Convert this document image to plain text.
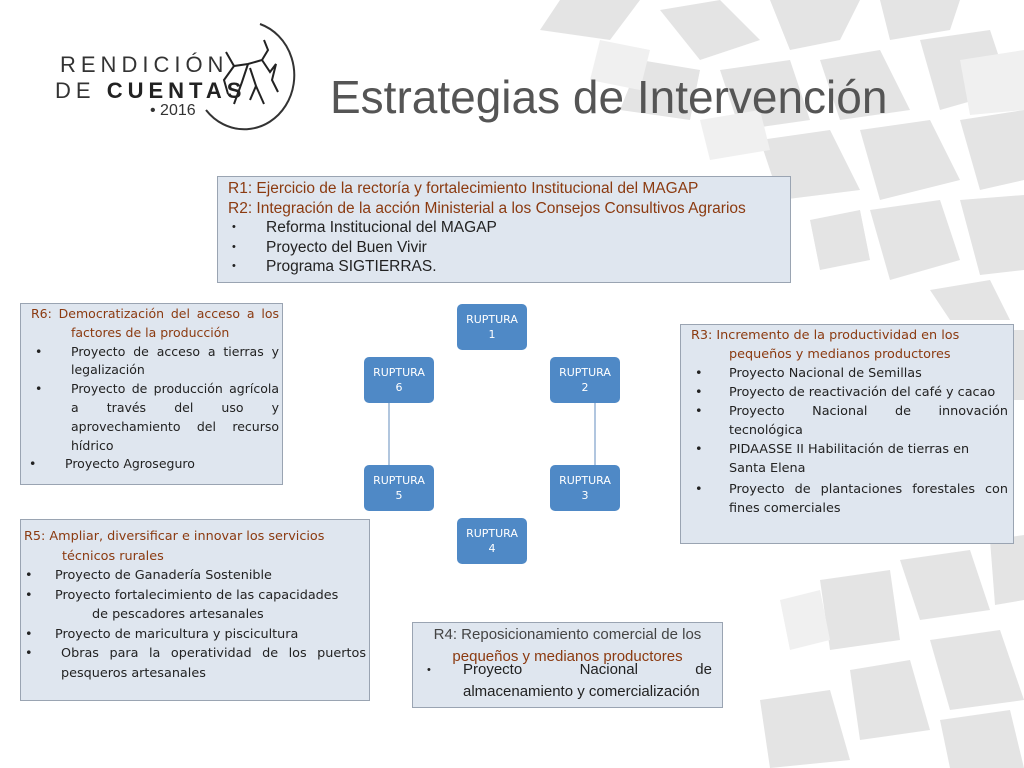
RENDICIÓN
DE CUENTAS
• 2016	Estrategias de Intervención
RUPTURA
1
RUPTURA
2
RUPTURA
3
RUPTURA
4
RUPTURA
5
RUPTURA
6
R1: Ejercicio de la rectoría y fortalecimiento Institucional del MAGAP
R2: Integración de la acción Ministerial a los Consejos Consultivos Agrarios
• Reforma Institucional del MAGAP
• Proyecto del Buen Vivir
• Programa SIGTIERRAS.
R6: Democratización del acceso a los factores de la producción
• Proyecto de acceso a tierras y legalización
• Proyecto de producción agrícola a través del uso y aprovechamiento del recurso hídrico
• Proyecto Agroseguro
R5: Ampliar, diversificar e innovar los servicios técnicos rurales
• Proyecto de Ganadería Sostenible
• Proyecto fortalecimiento de las capacidades
de pescadores artesanales
• Proyecto de maricultura y piscicultura
• Obras para la operatividad de los puertos pesqueros artesanales
R3: Incremento de la productividad en los pequeños y medianos productores
• Proyecto Nacional de Semillas
• Proyecto de reactivación del café y cacao
• Proyecto Nacional de innovación tecnológica
• PIDAASSE II Habilitación de tierras en Santa Elena
• Proyecto de plantaciones forestales con fines comerciales
R4: Reposicionamiento comercial de los
pequeños y medianos productores
• Proyecto Nacional de
almacenamiento y comercialización
